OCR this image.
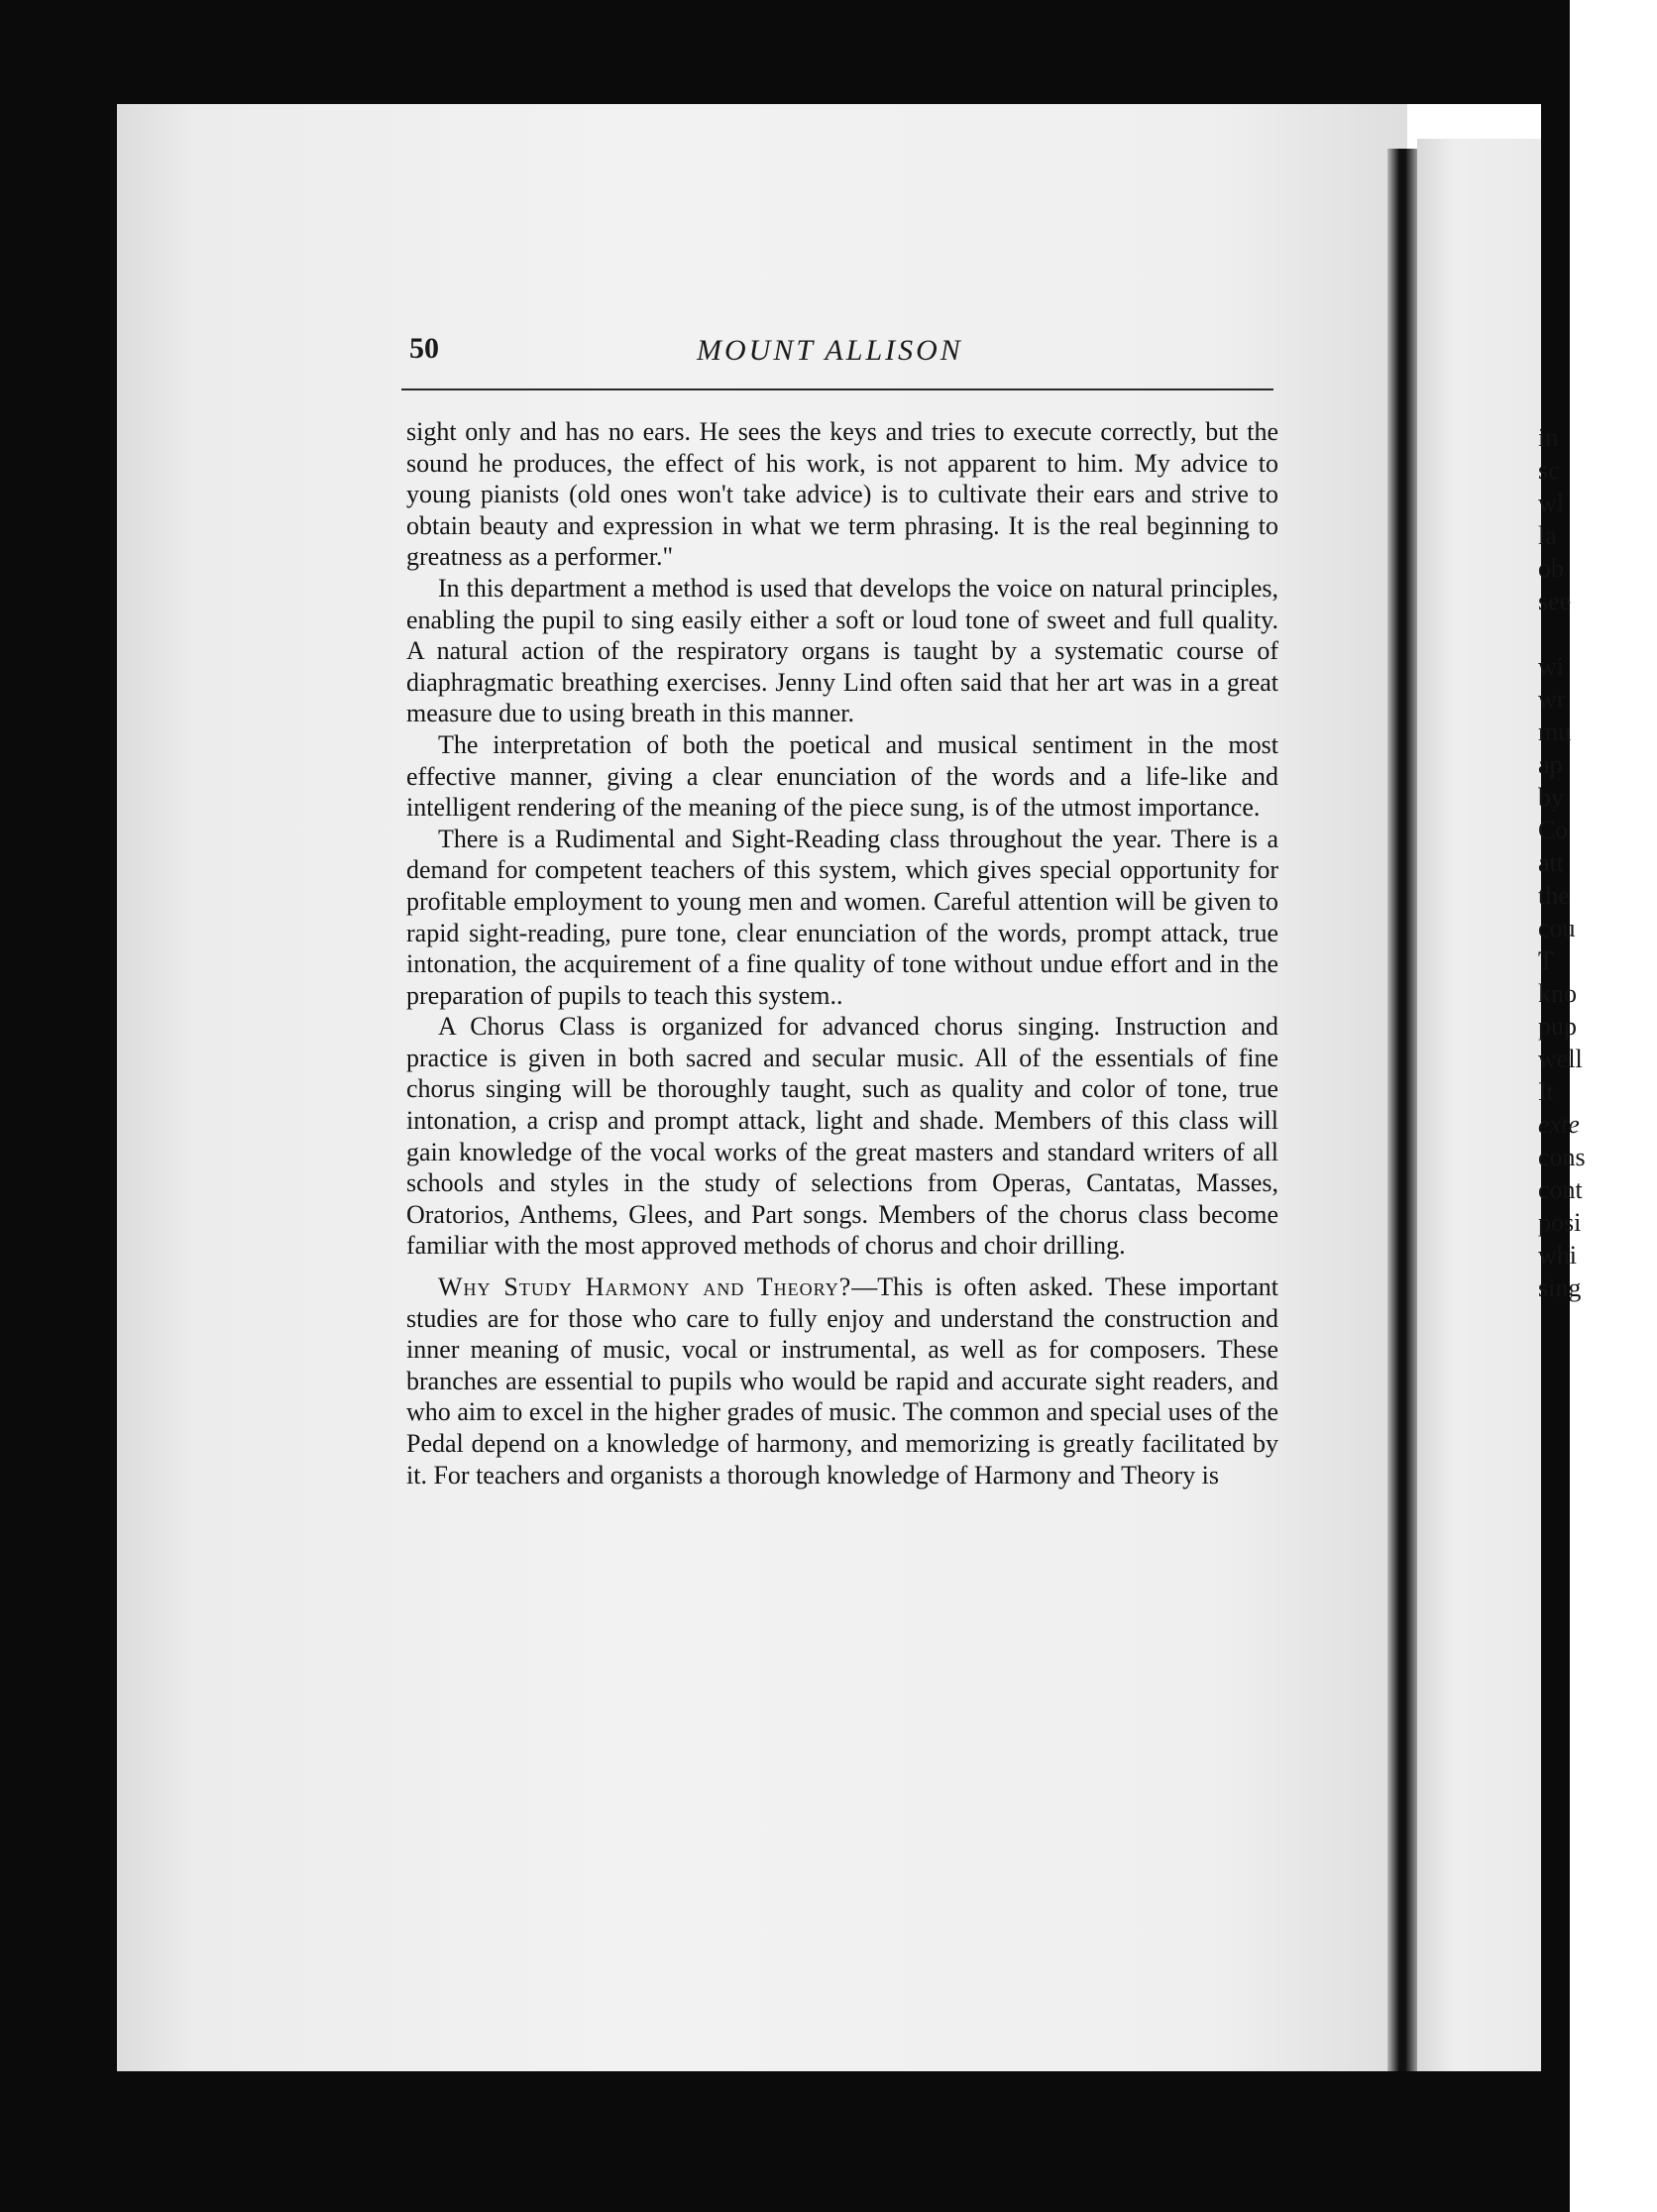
50	MOUNT ALLISON

sight only and has no ears. He sees the keys and tries to execute correctly, but the sound he produces, the effect of his work, is not apparent to him. My advice to young pianists (old ones won't take advice) is to cultivate their ears and strive to obtain beauty and expression in what we term phrasing. It is the real beginning to greatness as a performer."

In this department a method is used that develops the voice on natural principles, enabling the pupil to sing easily either a soft or loud tone of sweet and full quality. A natural action of the respiratory organs is taught by a systematic course of diaphragmatic breathing exercises. Jenny Lind often said that her art was in a great measure due to using breath in this manner.

The interpretation of both the poetical and musical sentiment in the most effective manner, giving a clear enunciation of the words and a life-like and intelligent rendering of the meaning of the piece sung, is of the utmost importance.

There is a Rudimental and Sight-Reading class throughout the year. There is a demand for competent teachers of this system, which gives special opportunity for profitable employment to young men and women. Careful attention will be given to rapid sight-reading, pure tone, clear enunciation of the words, prompt attack, true intonation, the acquirement of a fine quality of tone without undue effort and in the preparation of pupils to teach this system..

A Chorus Class is organized for advanced chorus singing. Instruction and practice is given in both sacred and secular music. All of the essentials of fine chorus singing will be thoroughly taught, such as quality and color of tone, true intonation, a crisp and prompt attack, light and shade. Members of this class will gain knowledge of the vocal works of the great masters and standard writers of all schools and styles in the study of selections from Operas, Cantatas, Masses, Oratorios, Anthems, Glees, and Part songs. Members of the chorus class become familiar with the most approved methods of chorus and choir drilling.

Why Study Harmony and Theory?—This is often asked. These important studies are for those who care to fully enjoy and understand the construction and inner meaning of music, vocal or instrumental, as well as for composers. These branches are essential to pupils who would be rapid and accurate sight readers, and who aim to excel in the higher grades of music. The common and special uses of the Pedal depend on a knowledge of harmony, and memorizing is greatly facilitated by it. For teachers and organists a thorough knowledge of Harmony and Theory is

in
sc
wl
la
ob
see
wi
wr
mu
ap
by
Co
att
the
cou
T
kno
pup
well
It
exte
cons
cont
posi
whi
sing
